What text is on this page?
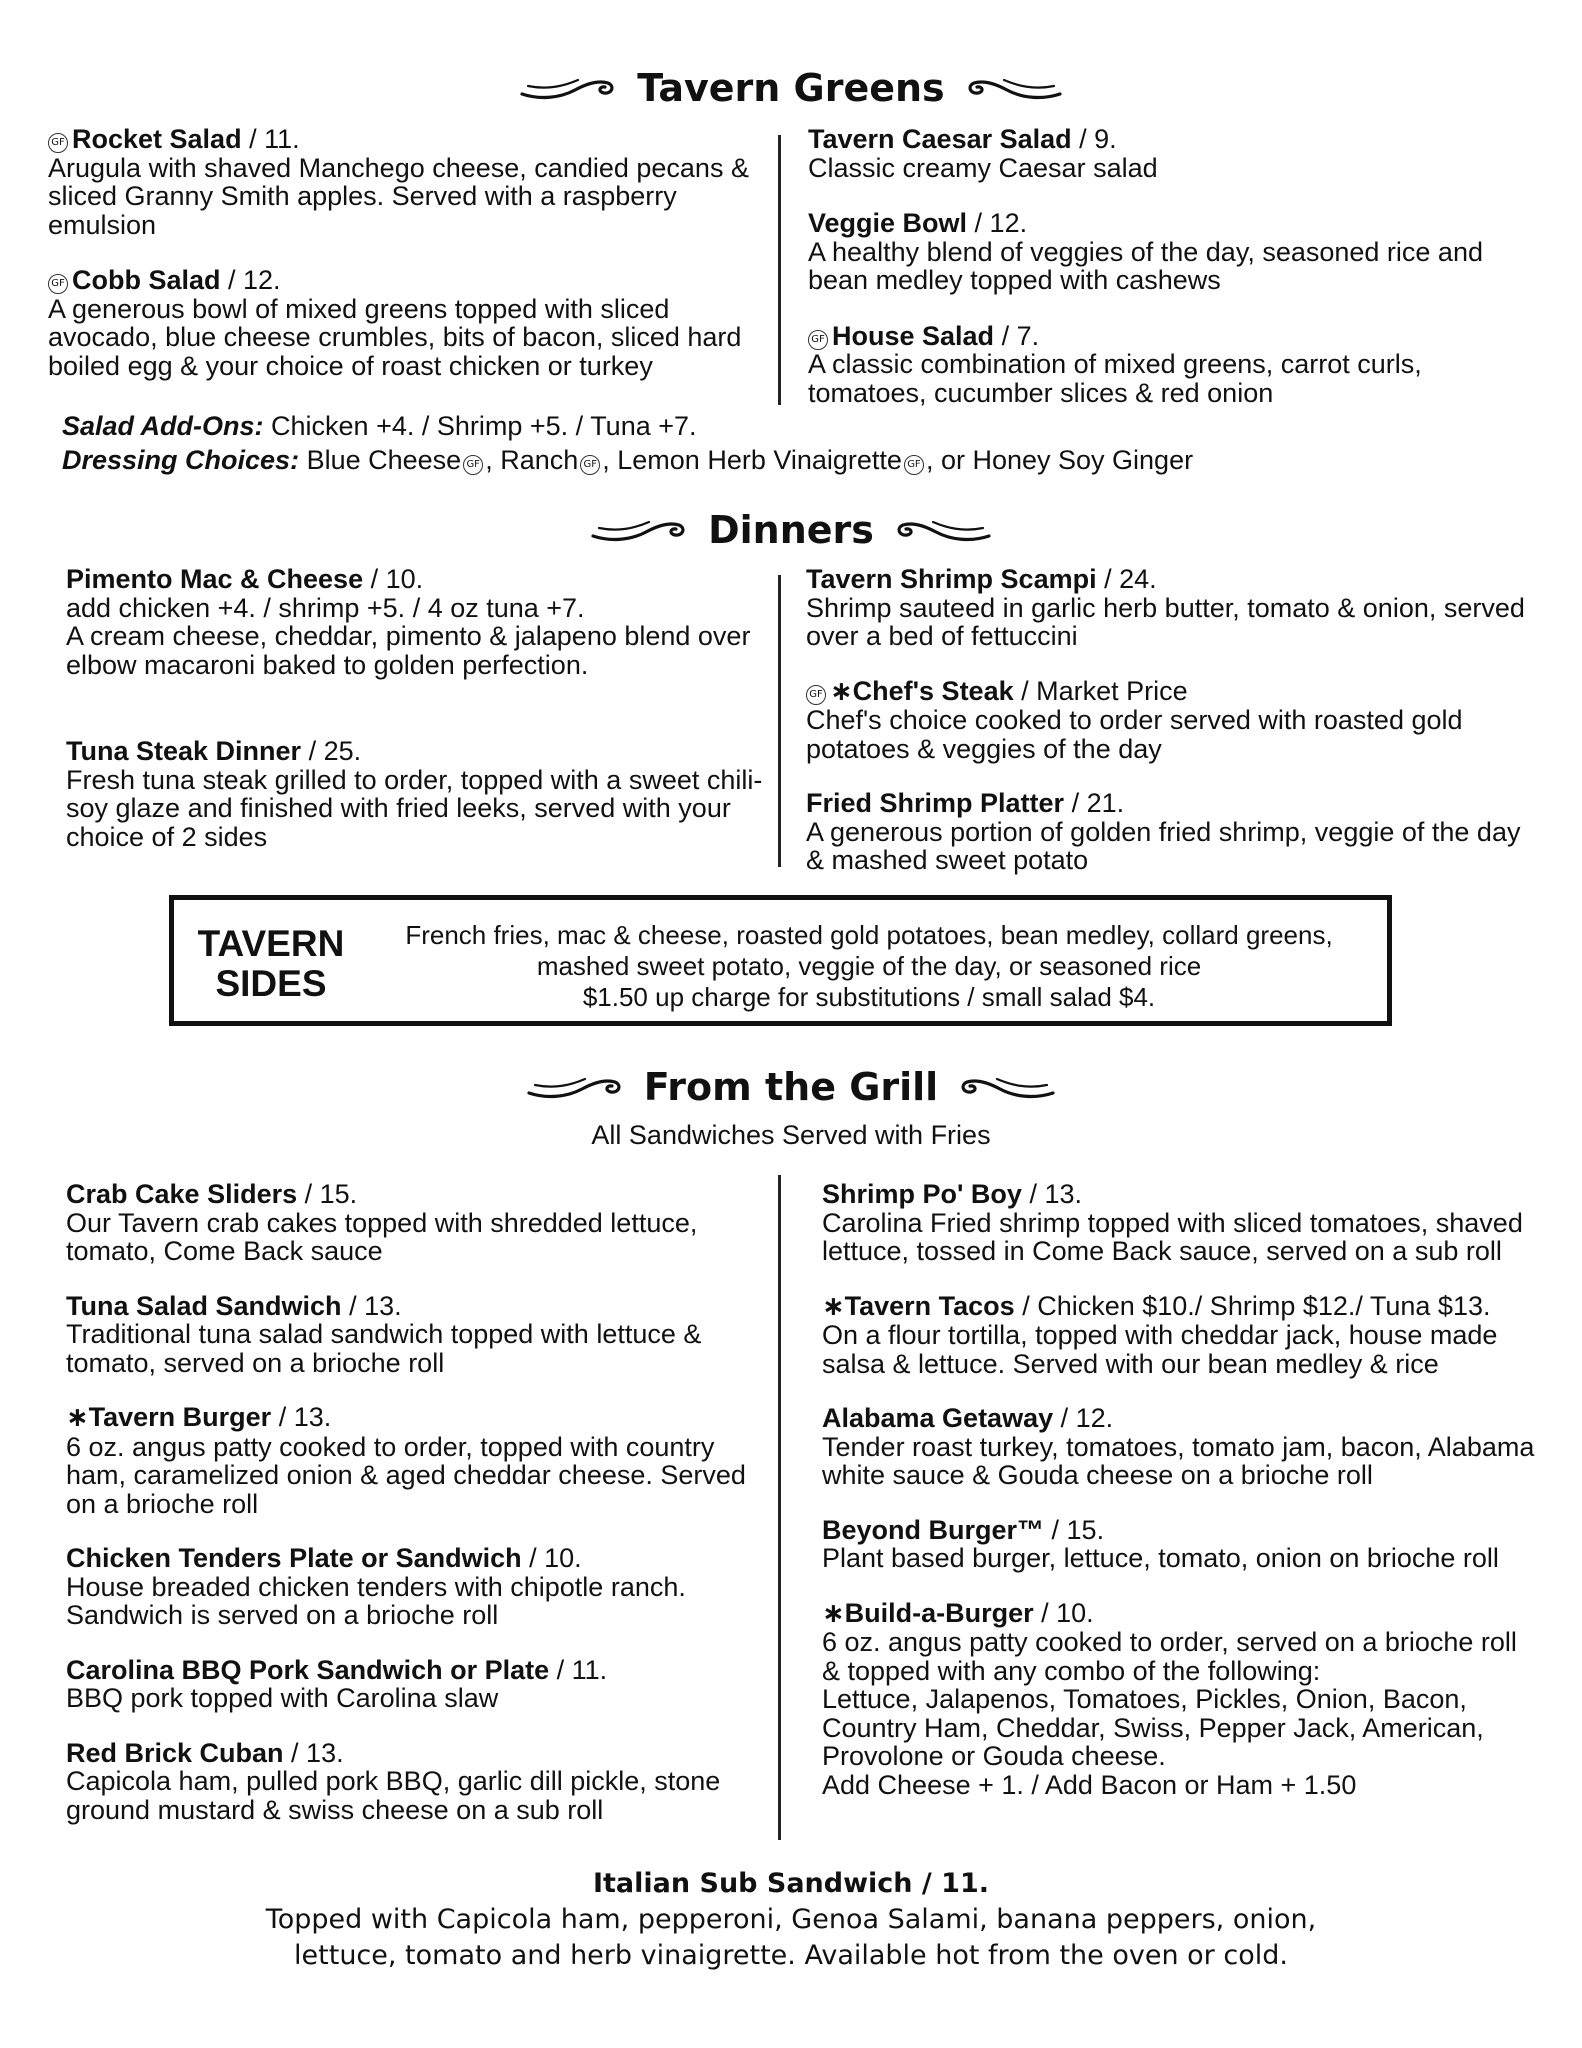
Tavern Greens
GF Rocket Salad / 11.
Arugula with shaved Manchego cheese, candied pecans & sliced Granny Smith apples. Served with a raspberry emulsion
GF Cobb Salad / 12.
A generous bowl of mixed greens topped with sliced avocado, blue cheese crumbles, bits of bacon, sliced hard boiled egg & your choice of roast chicken or turkey
Tavern Caesar Salad / 9.
Classic creamy Caesar salad
Veggie Bowl / 12.
A healthy blend of veggies of the day, seasoned rice and bean medley topped with cashews
GF House Salad / 7.
A classic combination of mixed greens, carrot curls, tomatoes, cucumber slices & red onion
Salad Add-Ons: Chicken +4. / Shrimp +5. / Tuna +7.
Dressing Choices: Blue Cheese GF , Ranch GF , Lemon Herb Vinaigrette GF , or Honey Soy Ginger
Dinners
Pimento Mac & Cheese / 10.
add chicken +4. / shrimp +5. / 4 oz tuna +7.
A cream cheese, cheddar, pimento & jalapeno blend over elbow macaroni baked to golden perfection.
Tuna Steak Dinner / 25.
Fresh tuna steak grilled to order, topped with a sweet chili-soy glaze and finished with fried leeks, served with your choice of 2 sides
Tavern Shrimp Scampi / 24.
Shrimp sauteed in garlic herb butter, tomato & onion, served over a bed of fettuccini
GF ∗Chef's Steak / Market Price
Chef's choice cooked to order served with roasted gold potatoes & veggies of the day
Fried Shrimp Platter / 21.
A generous portion of golden fried shrimp, veggie of the day & mashed sweet potato
TAVERN
SIDES
French fries, mac & cheese, roasted gold potatoes, bean medley, collard greens,
mashed sweet potato, veggie of the day, or seasoned rice
$1.50 up charge for substitutions / small salad $4.
From the Grill
All Sandwiches Served with Fries
Crab Cake Sliders / 15.
Our Tavern crab cakes topped with shredded lettuce, tomato, Come Back sauce
Tuna Salad Sandwich / 13.
Traditional tuna salad sandwich topped with lettuce & tomato, served on a brioche roll
∗Tavern Burger / 13.
6 oz. angus patty cooked to order, topped with country ham, caramelized onion & aged cheddar cheese. Served on a brioche roll
Chicken Tenders Plate or Sandwich / 10.
House breaded chicken tenders with chipotle ranch. Sandwich is served on a brioche roll
Carolina BBQ Pork Sandwich or Plate / 11.
BBQ pork topped with Carolina slaw
Red Brick Cuban / 13.
Capicola ham, pulled pork BBQ, garlic dill pickle, stone ground mustard & swiss cheese on a sub roll
Shrimp Po' Boy / 13.
Carolina Fried shrimp topped with sliced tomatoes, shaved lettuce, tossed in Come Back sauce, served on a sub roll
∗Tavern Tacos / Chicken $10./ Shrimp $12./ Tuna $13.
On a flour tortilla, topped with cheddar jack, house made salsa & lettuce. Served with our bean medley & rice
Alabama Getaway / 12.
Tender roast turkey, tomatoes, tomato jam, bacon, Alabama white sauce & Gouda cheese on a brioche roll
Beyond Burger™ / 15.
Plant based burger, lettuce, tomato, onion on brioche roll
∗Build-a-Burger / 10.
6 oz. angus patty cooked to order, served on a brioche roll & topped with any combo of the following:
Lettuce, Jalapenos, Tomatoes, Pickles, Onion, Bacon, Country Ham, Cheddar, Swiss, Pepper Jack, American, Provolone or Gouda cheese.
Add Cheese + 1. / Add Bacon or Ham + 1.50
Italian Sub Sandwich / 11.
Topped with Capicola ham, pepperoni, Genoa Salami, banana peppers, onion,
lettuce, tomato and herb vinaigrette. Available hot from the oven or cold.
